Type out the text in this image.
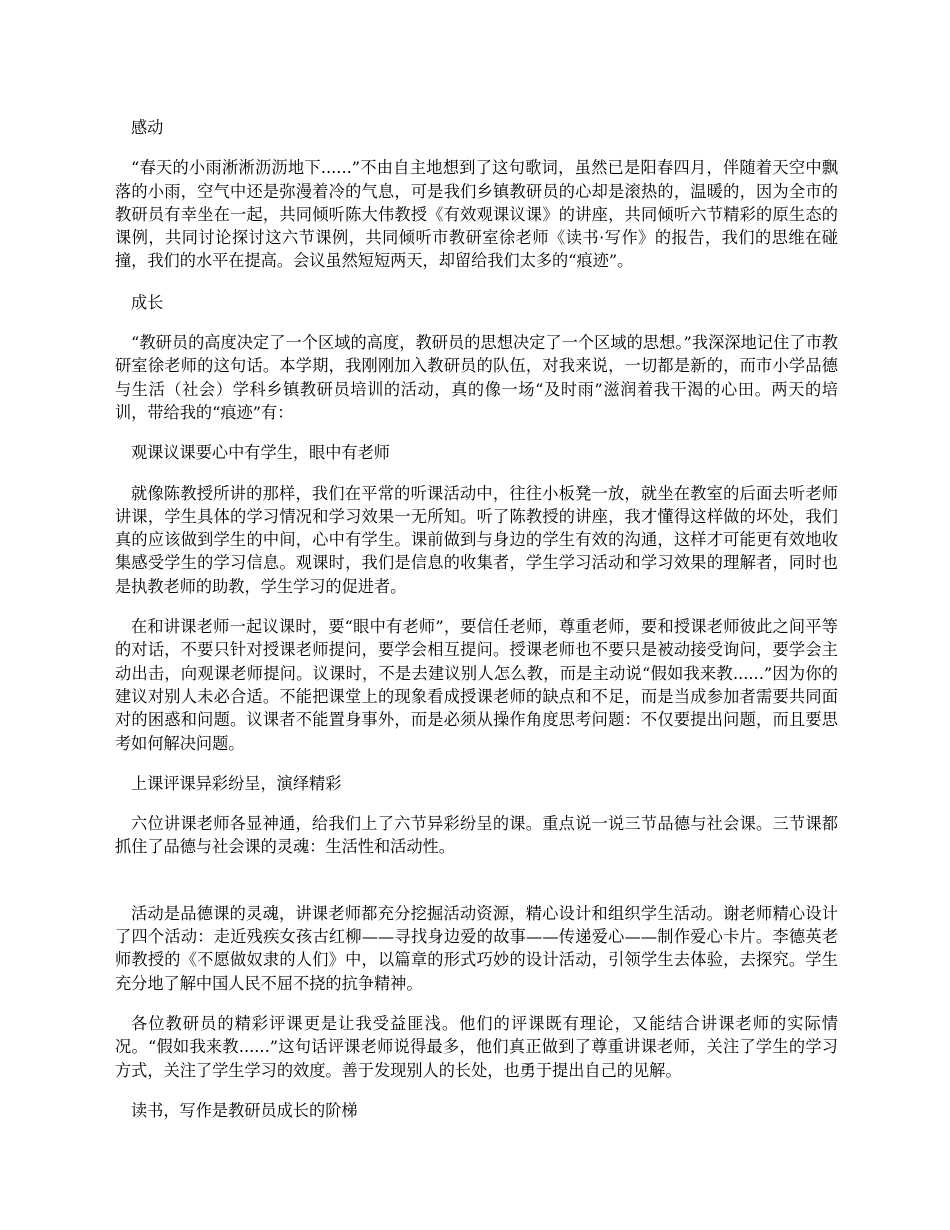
感动

“春天的小雨淅淅沥沥地下......”不由自主地想到了这句歌词，虽然已是阳春四月，伴随着天空中飘落的小雨，空气中还是弥漫着冷的气息，可是我们乡镇教研员的心却是滚热的，温暖的，因为全市的教研员有幸坐在一起，共同倾听陈大伟教授《有效观课议课》的讲座，共同倾听六节精彩的原生态的课例，共同讨论探讨这六节课例，共同倾听市教研室徐老师《读书·写作》的报告，我们的思维在碰撞，我们的水平在提高。会议虽然短短两天，却留给我们太多的“痕迹”。

成长

“教研员的高度决定了一个区域的高度，教研员的思想决定了一个区域的思想。”我深深地记住了市教研室徐老师的这句话。本学期，我刚刚加入教研员的队伍，对我来说，一切都是新的，而市小学品德与生活（社会）学科乡镇教研员培训的活动，真的像一场“及时雨”滋润着我干渴的心田。两天的培训，带给我的“痕迹”有：

观课议课要心中有学生，眼中有老师

就像陈教授所讲的那样，我们在平常的听课活动中，往往小板凳一放，就坐在教室的后面去听老师讲课，学生具体的学习情况和学习效果一无所知。听了陈教授的讲座，我才懂得这样做的坏处，我们真的应该做到学生的中间，心中有学生。课前做到与身边的学生有效的沟通，这样才可能更有效地收集感受学生的学习信息。观课时，我们是信息的收集者，学生学习活动和学习效果的理解者，同时也是执教老师的助教，学生学习的促进者。

在和讲课老师一起议课时，要“眼中有老师”，要信任老师，尊重老师，要和授课老师彼此之间平等的对话，不要只针对授课老师提问，要学会相互提问。授课老师也不要只是被动接受询问，要学会主动出击，向观课老师提问。议课时，不是去建议别人怎么教，而是主动说“假如我来教......”因为你的建议对别人未必合适。不能把课堂上的现象看成授课老师的缺点和不足，而是当成参加者需要共同面对的困惑和问题。议课者不能置身事外，而是必须从操作角度思考问题：不仅要提出问题，而且要思考如何解决问题。

上课评课异彩纷呈，演绎精彩

六位讲课老师各显神通，给我们上了六节异彩纷呈的课。重点说一说三节品德与社会课。三节课都抓住了品德与社会课的灵魂：生活性和活动性。

活动是品德课的灵魂，讲课老师都充分挖掘活动资源，精心设计和组织学生活动。谢老师精心设计了四个活动：走近残疾女孩古红柳——寻找身边爱的故事——传递爱心——制作爱心卡片。李德英老师教授的《不愿做奴隶的人们》中，以篇章的形式巧妙的设计活动，引领学生去体验，去探究。学生充分地了解中国人民不屈不挠的抗争精神。

各位教研员的精彩评课更是让我受益匪浅。他们的评课既有理论，又能结合讲课老师的实际情况。“假如我来教......”这句话评课老师说得最多，他们真正做到了尊重讲课老师，关注了学生的学习方式，关注了学生学习的效度。善于发现别人的长处，也勇于提出自己的见解。

读书，写作是教研员成长的阶梯
